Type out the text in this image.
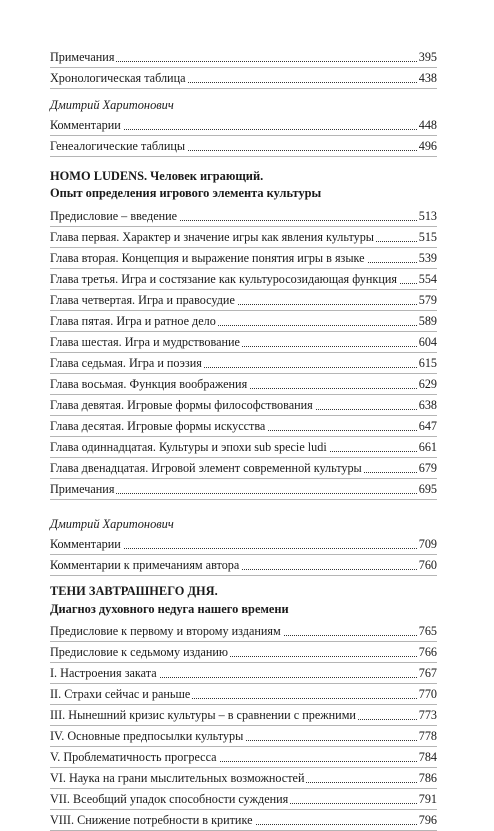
Примечания	395
Хронологическая таблица	438
Дмитрий Харитонович
Комментарии	448
Генеалогические таблицы	496
HOMO LUDENS. Человек играющий.
Опыт определения игрового элемента культуры
Предисловие – введение	513
Глава первая. Характер и значение игры как явления культуры	515
Глава вторая. Концепция и выражение понятия игры в языке	539
Глава третья. Игра и состязание как культуросозидающая функция 554
Глава четвертая. Игра и правосудие	579
Глава пятая. Игра и ратное дело	589
Глава шестая. Игра и мудрствование	604
Глава седьмая. Игра и поэзия	615
Глава восьмая. Функция воображения	629
Глава девятая. Игровые формы философствования	638
Глава десятая. Игровые формы искусства	647
Глава одиннадцатая. Культуры и эпохи sub specie ludi	661
Глава двенадцатая. Игровой элемент современной культуры	679
Примечания	695
Дмитрий Харитонович
Комментарии	709
Комментарии к примечаниям автора	760
ТЕНИ ЗАВТРАШНЕГО ДНЯ.
Диагноз духовного недуга нашего времени
Предисловие к первому и второму изданиям	765
Предисловие к седьмому изданию	766
I. Настроения заката	767
II. Страхи сейчас и раньше	770
III. Нынешний кризис культуры – в сравнении с прежними	773
IV. Основные предпосылки культуры	778
V. Проблематичность прогресса	784
VI. Наука на грани мыслительных возможностей	786
VII. Всеобщий упадок способности суждения	791
VIII. Снижение потребности в критике	796
